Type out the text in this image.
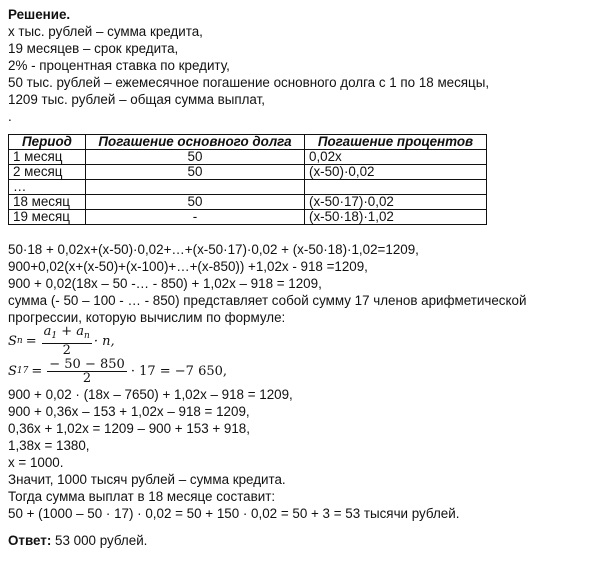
Решение.
x тыс. рублей – сумма кредита,
19 месяцев – срок кредита,
2% - процентная ставка по кредиту,
50 тыс. рублей – ежемесячное погашение основного долга с 1 по 18 месяцы,
1209 тыс. рублей – общая сумма выплат,
.
Период	Погашение основного долга	Погашение процентов
1 месяц	50	0,02x
2 месяц	50	(x-50)·0,02
…		
18 месяц	50	(x-50·17)·0,02
19 месяц	-	(x-50·18)·1,02
50·18 + 0,02x+(x-50)·0,02+…+(x-50·17)·0,02 + (x-50·18)·1,02=1209,
900+0,02(x+(x-50)+(x-100)+…+(x-850)) +1,02x - 918 =1209,
900 + 0,02(18x – 50 -… - 850) + 1,02x – 918 = 1209,
сумма (- 50 – 100 - … - 850) представляет собой сумму 17 членов арифметической
прогрессии, которую вычислим по формуле:
S $n = \frac{a_1 + a_n}{2} \cdot n$,
S $17 = \frac{- 50 - 850}{2} \cdot 17 = -7$ 650,
900 + 0,02 · (18x – 7650) + 1,02x – 918 = 1209,
900 + 0,36x – 153 + 1,02x – 918 = 1209,
0,36x + 1,02x = 1209 – 900 + 153 + 918,
1,38x = 1380,
x = 1000.
Значит, 1000 тысяч рублей – сумма кредита.
Тогда сумма выплат в 18 месяце составит:
50 + (1000 – 50 · 17) · 0,02 = 50 + 150 · 0,02 = 50 + 3 = 53 тысячи рублей.
Ответ: 53 000 рублей.
